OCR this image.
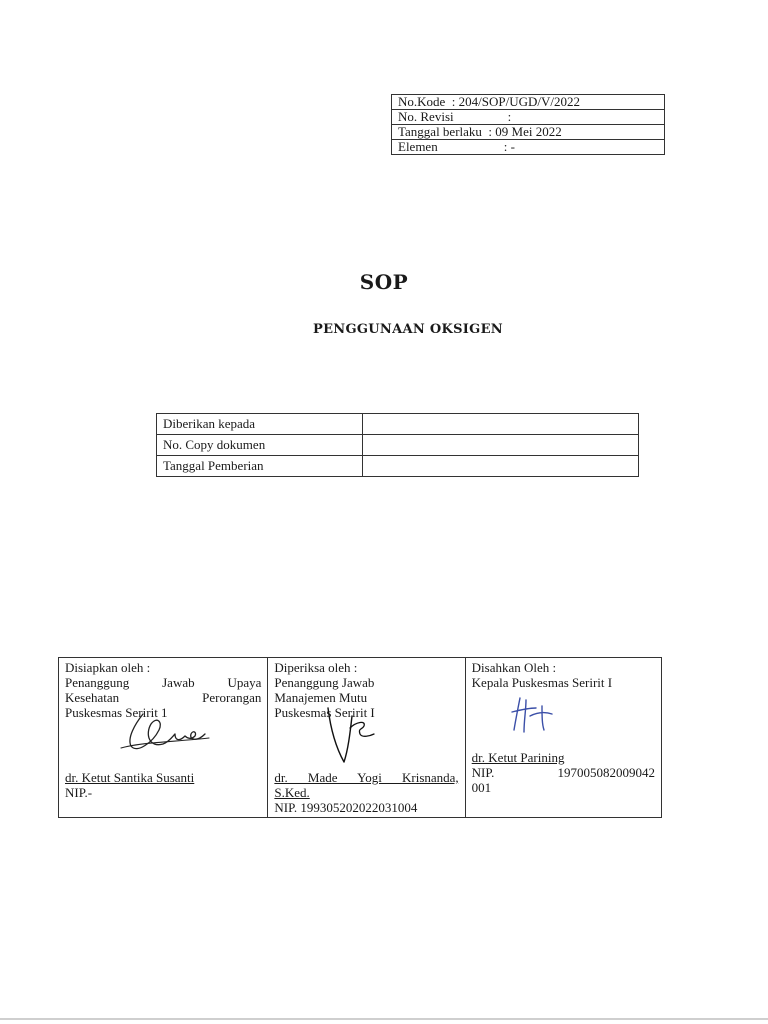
No.Kode : 204/SOP/UGD/V/2022
No. Revisi	:
Tanggal berlaku : 09 Mei 2022
Elemen	: -
SOP
PENGGUNAAN OKSIGEN
Diberikan kepada	
No. Copy dokumen	
Tanggal Pemberian	
Disiapkan oleh :
Penanggung Jawab Upaya
Kesehatan Perorangan
Puskesmas Seririt 1
dr. Ketut Santika Susanti
NIP.-

Diperiksa oleh :
Penanggung Jawab
Manajemen Mutu
Puskesmas Seririt I
dr. Made Yogi Krisnanda,
S.Ked.
NIP. 199305202022031004

Disahkan Oleh :
Kepala Puskesmas Seririt I
dr. Ketut Parining
NIP. 197005082009042
001
